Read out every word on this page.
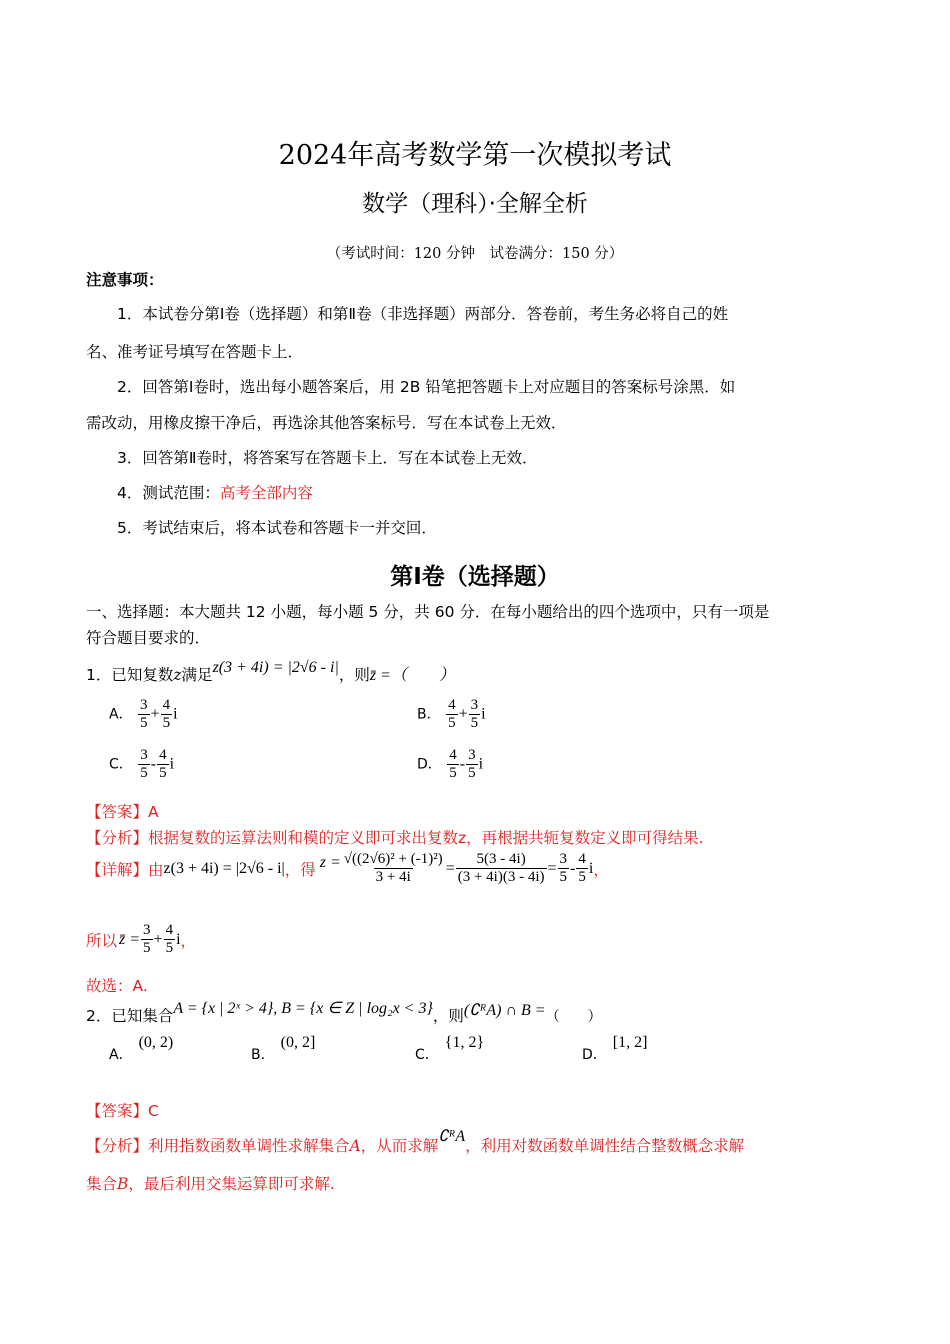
2024年高考数学第一次模拟考试
数学（理科）·全解全析
（考试时间：120 分钟　试卷满分：150 分）
注意事项：
1．本试卷分第Ⅰ卷（选择题）和第Ⅱ卷（非选择题）两部分．答卷前，考生务必将自己的姓
名、准考证号填写在答题卡上．
2．回答第Ⅰ卷时，选出每小题答案后，用 2B 铅笔把答题卡上对应题目的答案标号涂黑．如
需改动，用橡皮擦干净后，再选涂其他答案标号．写在本试卷上无效．
3．回答第Ⅱ卷时，将答案写在答题卡上．写在本试卷上无效．
4．测试范围：高考全部内容
5．考试结束后，将本试卷和答题卡一并交回．
第Ⅰ卷（选择题）
一、选择题：本大题共 12 小题，每小题 5 分，共 60 分．在每小题给出的四个选项中，只有一项是
符合题目要求的．
1．已知复数z满足z(3 + 4i) = |2√6 - i|，则z̄ =（　　）
A． $\frac{3}{5} + \frac{4}{5}$ i	B． $\frac{4}{5} + \frac{3}{5}$ i
C． $\frac{3}{5} - \frac{4}{5}$ i	D． $\frac{4}{5} - \frac{3}{5}$ i
【答案】A
【分析】根据复数的运算法则和模的定义即可求出复数z，再根据共轭复数定义即可得结果.
【详解】 由 z(3 + 4i) = |2√6 - i| ，得 $z = \frac{\text{√((2√6)² + (-1)²)}}{3 + 4i} = \frac{5(3 - 4i)}{(3 + 4i)(3 - 4i)} = \frac{3}{5} - \frac{4}{5}$ i ，
所以 z̄ = $\frac{3}{5} + \frac{4}{5}$ i ，
故选：A.
2．已知集合 A = {x | 2ˣ > 4} , B = {x ∈ Z | log₂x < 3} ，则 (∁ᴿA) ∩ B = （　　）
A．(0, 2)
B．(0, 2]
C．{1, 2}
D．[1, 2]
【答案】C
【分析】利用指数函数单调性求解集合A，从而求解∁ᴿA，利用对数函数单调性结合整数概念求解
集合B，最后利用交集运算即可求解.
